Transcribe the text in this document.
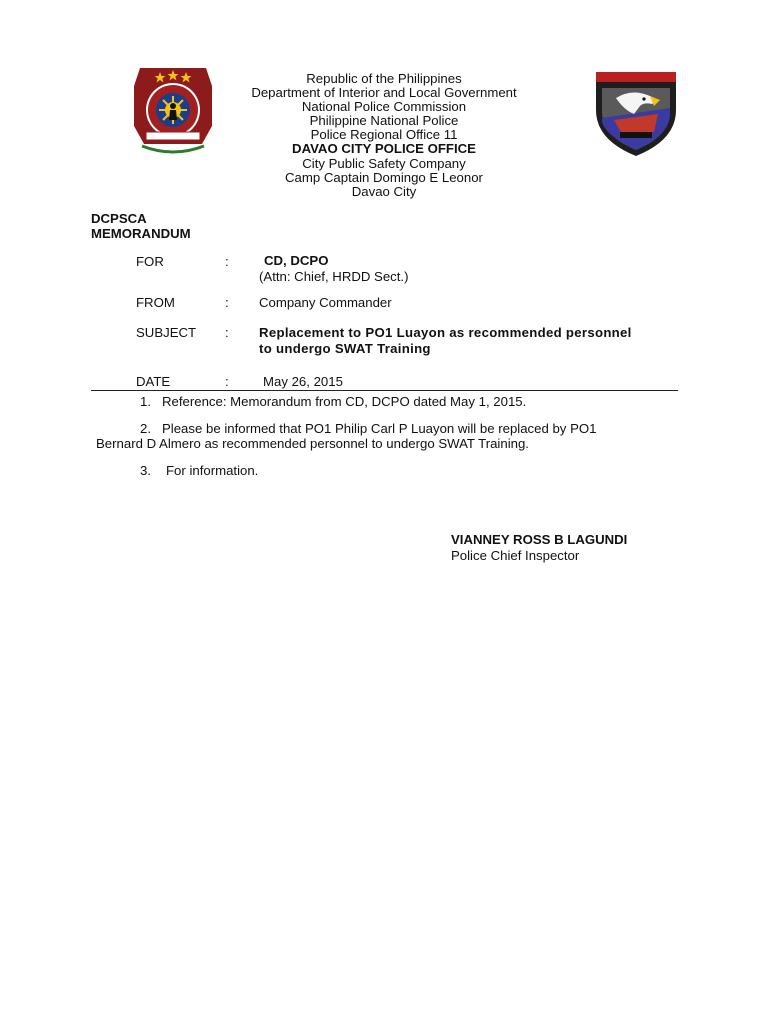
Republic of the Philippines
Department of Interior and Local Government
National Police Commission
Philippine National Police
Police Regional Office 11
DAVAO CITY POLICE OFFICE
City Public Safety Company
Camp Captain Domingo E Leonor
Davao City
DCPSCA
MEMORANDUM
FOR	:	CD, DCPO
(Attn: Chief, HRDD Sect.)
FROM	: Company Commander
SUBJECT : Replacement to PO1 Luayon as recommended personnel
to undergo SWAT Training
DATE	:	May 26, 2015
1. Reference: Memorandum from CD, DCPO dated May 1, 2015.
2. Please be informed that PO1 Philip Carl P Luayon will be replaced by PO1
Bernard D Almero as recommended personnel to undergo SWAT Training.
3. For information.
VIANNEY ROSS B LAGUNDI
Police Chief Inspector
